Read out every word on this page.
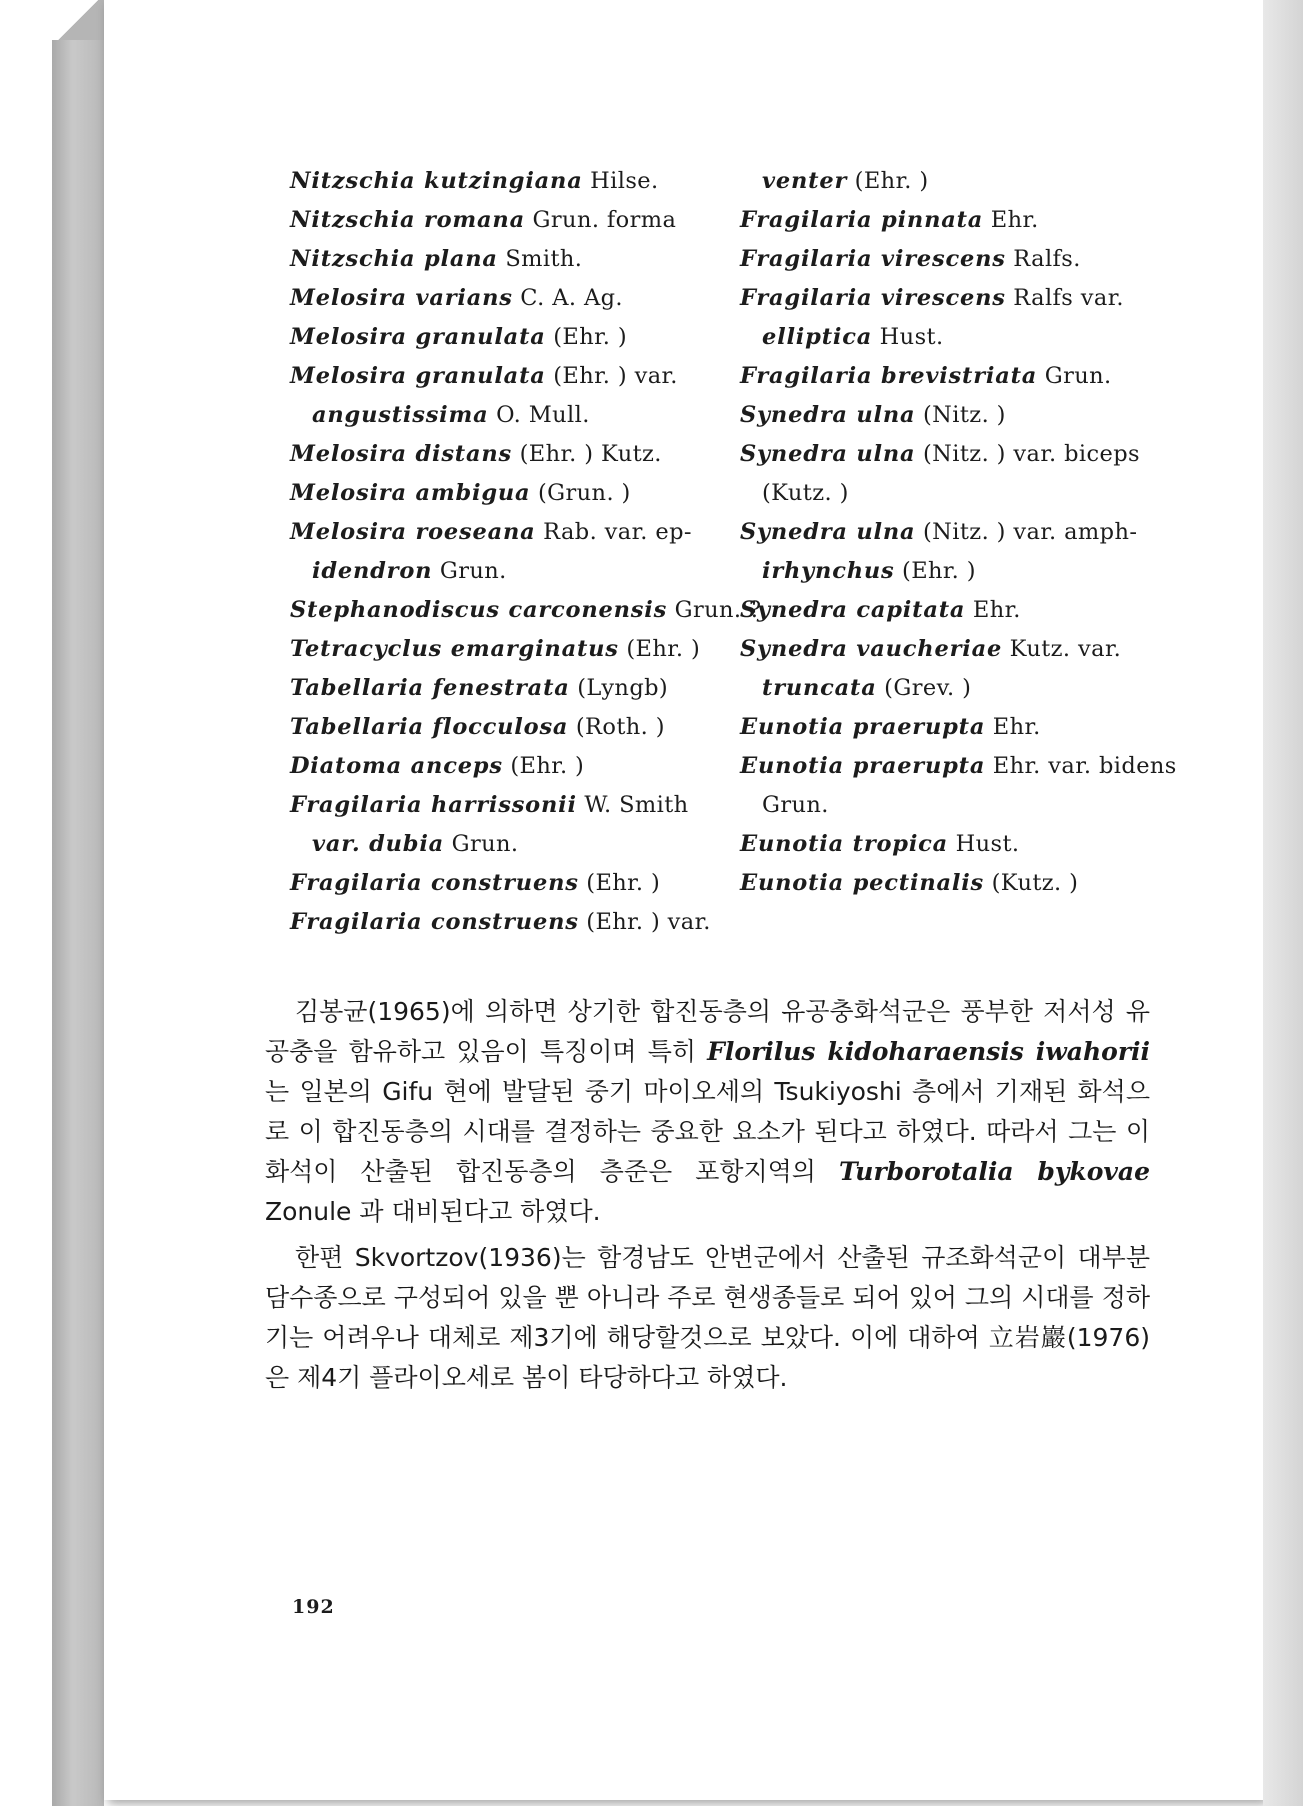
Nitzschia kutzingiana Hilse.
Nitzschia romana Grun. forma
Nitzschia plana Smith.
Melosira varians C. A. Ag.
Melosira granulata (Ehr. )
Melosira granulata (Ehr. ) var.
angustissima O. Mull.
Melosira distans (Ehr. ) Kutz.
Melosira ambigua (Grun. )
Melosira roeseana Rab. var. ep-
idendron Grun.
Stephanodiscus carconensis Grun. ?
Tetracyclus emarginatus (Ehr. )
Tabellaria fenestrata (Lyngb)
Tabellaria flocculosa (Roth. )
Diatoma anceps (Ehr. )
Fragilaria harrissonii W. Smith
var. dubia Grun.
Fragilaria construens (Ehr. )
Fragilaria construens (Ehr. ) var.
venter (Ehr. )
Fragilaria pinnata Ehr.
Fragilaria virescens Ralfs.
Fragilaria virescens Ralfs var.
elliptica Hust.
Fragilaria brevistriata Grun.
Synedra ulna (Nitz. )
Synedra ulna (Nitz. ) var. biceps
(Kutz. )
Synedra ulna (Nitz. ) var. amph-
irhynchus (Ehr. )
Synedra capitata Ehr.
Synedra vaucheriae Kutz. var.
truncata (Grev. )
Eunotia praerupta Ehr.
Eunotia praerupta Ehr. var. bidens
Grun.
Eunotia tropica Hust.
Eunotia pectinalis (Kutz. )

김봉균(1965)에 의하면 상기한 합진동층의 유공충화석군은 풍부한 저서성 유공충을 함유하고 있음이 특징이며 특히 Florilus kidoharaensis iwahorii 는 일본의 Gifu 현에 발달된 중기 마이오세의 Tsukiyoshi 층에서 기재된 화석으로 이 합진동층의 시대를 결정하는 중요한 요소가 된다고 하였다. 따라서 그는 이 화석이 산출된 합진동층의 층준은 포항지역의 Turborotalia bykovae Zonule 과 대비된다고 하였다.

한편 Skvortzov(1936)는 함경남도 안변군에서 산출된 규조화석군이 대부분 담수종으로 구성되어 있을 뿐 아니라 주로 현생종들로 되어 있어 그의 시대를 정하기는 어려우나 대체로 제3기에 해당할것으로 보았다. 이에 대하여 立岩巖(1976)은 제4기 플라이오세로 봄이 타당하다고 하였다.

192
